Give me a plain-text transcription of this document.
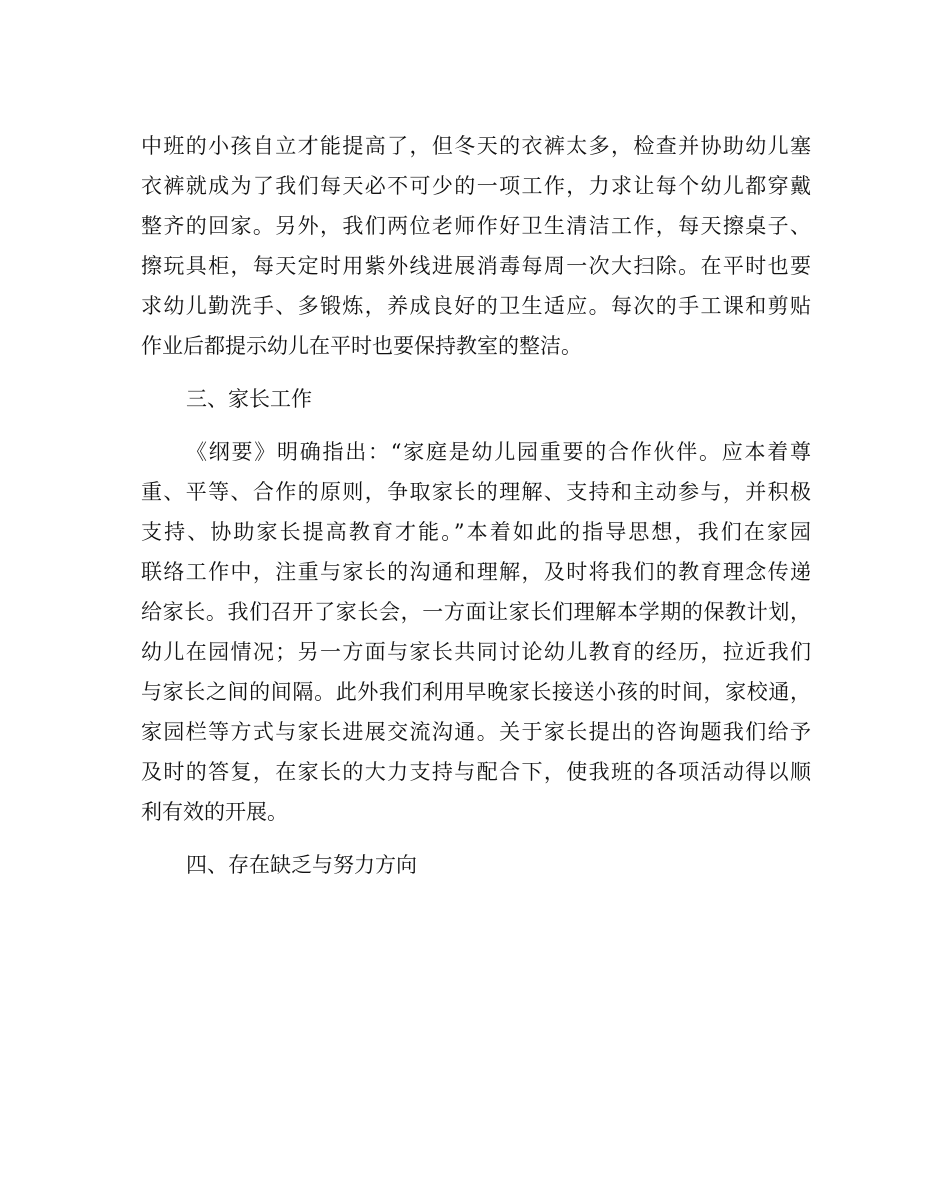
中班的小孩自立才能提高了，但冬天的衣裤太多，检查并协助幼儿塞
衣裤就成为了我们每天必不可少的一项工作，力求让每个幼儿都穿戴
整齐的回家。另外，我们两位老师作好卫生清洁工作，每天擦桌子、
擦玩具柜，每天定时用紫外线进展消毒每周一次大扫除。在平时也要
求幼儿勤洗手、多锻炼，养成良好的卫生适应。每次的手工课和剪贴
作业后都提示幼儿在平时也要保持教室的整洁。
三、家长工作
《纲要》明确指出：“家庭是幼儿园重要的合作伙伴。应本着尊
重、平等、合作的原则，争取家长的理解、支持和主动参与，并积极
支持、协助家长提高教育才能。”本着如此的指导思想，我们在家园
联络工作中，注重与家长的沟通和理解，及时将我们的教育理念传递
给家长。我们召开了家长会，一方面让家长们理解本学期的保教计划，
幼儿在园情况；另一方面与家长共同讨论幼儿教育的经历，拉近我们
与家长之间的间隔。此外我们利用早晚家长接送小孩的时间，家校通，
家园栏等方式与家长进展交流沟通。关于家长提出的咨询题我们给予
及时的答复，在家长的大力支持与配合下，使我班的各项活动得以顺
利有效的开展。
四、存在缺乏与努力方向
